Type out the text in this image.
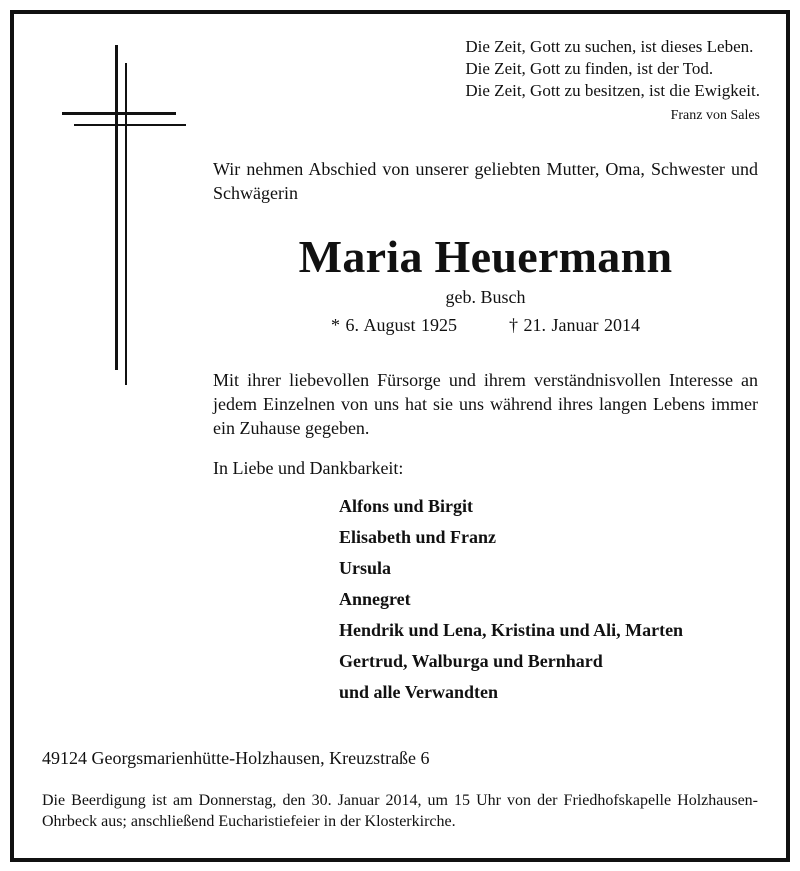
Die Zeit, Gott zu suchen, ist dieses Leben.
Die Zeit, Gott zu finden, ist der Tod.
Die Zeit, Gott zu besitzen, ist die Ewigkeit.
Franz von Sales
Wir nehmen Abschied von unserer geliebten Mutter, Oma, Schwester und Schwägerin
Maria Heuermann
geb. Busch
* 6. August 1925	† 21. Januar 2014
Mit ihrer liebevollen Fürsorge und ihrem verständnisvollen Interesse an jedem Einzelnen von uns hat sie uns während ihres langen Lebens immer ein Zuhause gegeben.
In Liebe und Dankbarkeit:
Alfons und Birgit
Elisabeth und Franz
Ursula
Annegret
Hendrik und Lena, Kristina und Ali, Marten
Gertrud, Walburga und Bernhard
und alle Verwandten
49124 Georgsmarienhütte-Holzhausen, Kreuzstraße 6
Die Beerdigung ist am Donnerstag, den 30. Januar 2014, um 15 Uhr von der Friedhofskapelle Holzhausen-Ohrbeck aus; anschließend Eucharistiefeier in der Klosterkirche.
